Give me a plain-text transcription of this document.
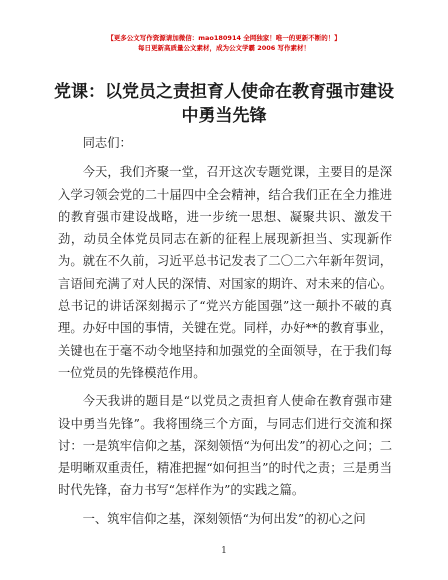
【更多公文写作资源请加微信：mao180914 全网独家！唯一的更新不断的！】
每日更新高质量公文素材，成为公文学霸 2006 写作素材！
党课：以党员之责担育人使命在教育强市建设
中勇当先锋

同志们：

今天，我们齐聚一堂，召开这次专题党课，主要目的是深入学习领会党的二十届四中全会精神，结合我们正在全力推进的教育强市建设战略，进一步统一思想、凝聚共识、激发干劲，动员全体党员同志在新的征程上展现新担当、实现新作为。就在不久前，习近平总书记发表了二〇二六年新年贺词，言语间充满了对人民的深情、对国家的期许、对未来的信心。总书记的讲话深刻揭示了“党兴方能国强”这一颠扑不破的真理。办好中国的事情，关键在党。同样，办好**的教育事业，关键也在于毫不动令地坚持和加强党的全面领导，在于我们每一位党员的先锋模范作用。

今天我讲的题目是“以党员之责担育人使命在教育强市建设中勇当先锋”。我将围绕三个方面，与同志们进行交流和探讨：一是筑牢信仰之基，深刻领悟“为何出发”的初心之问；二是明晰双重责任，精准把握“如何担当”的时代之责；三是勇当时代先锋，奋力书写“怎样作为”的实践之篇。

一、筑牢信仰之基，深刻领悟“为何出发”的初心之问

1
